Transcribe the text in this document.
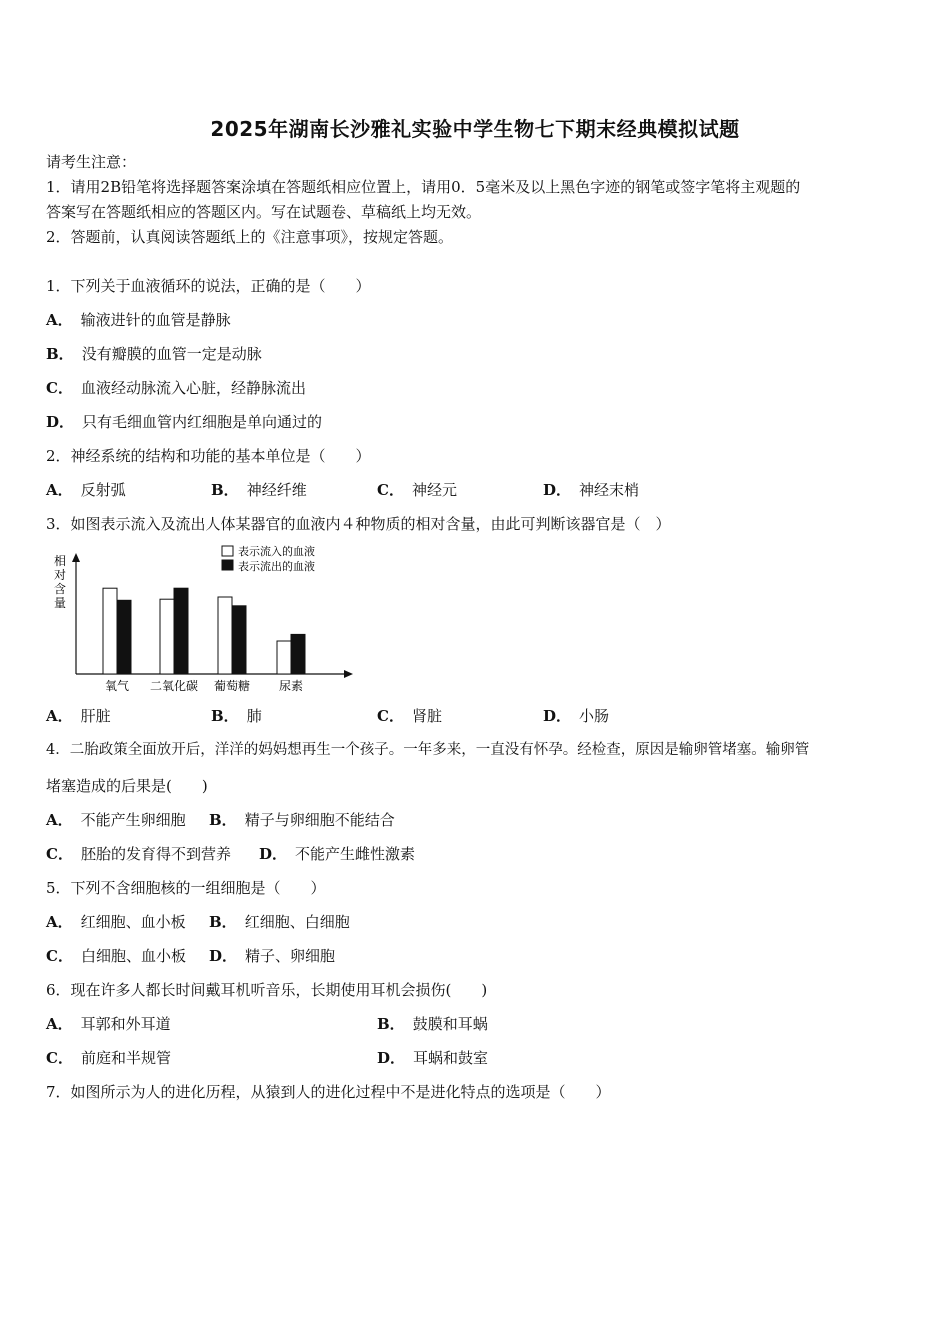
2025年湖南长沙雅礼实验中学生物七下期末经典模拟试题
请考生注意：
1．请用2B铅笔将选择题答案涂填在答题纸相应位置上，请用0．5毫米及以上黑色字迹的钢笔或签字笔将主观题的
答案写在答题纸相应的答题区内。写在试题卷、草稿纸上均无效。
2．答题前，认真阅读答题纸上的《注意事项》，按规定答题。
1．下列关于血液循环的说法，正确的是（　　）
A． 输液进针的血管是静脉
B． 没有瓣膜的血管一定是动脉
C． 血液经动脉流入心脏，经静脉流出
D． 只有毛细血管内红细胞是单向通过的
2．神经系统的结构和功能的基本单位是（　　）
A． 反射弧	B． 神经纤维	C． 神经元	D． 神经末梢
3．如图表示流入及流出人体某器官的血液内４种物质的相对含量，由此可判断该器官是（　）
相
对
含
量
表示流入的血液
表示流出的血液
氧气 二氧化碳 葡萄糖 尿素
A． 肝脏	B． 肺	C． 肾脏	D． 小肠
4．二胎政策全面放开后，洋洋的妈妈想再生一个孩子。一年多来，一直没有怀孕。经检查，原因是输卵管堵塞。输卵管
堵塞造成的后果是(　　)
A． 不能产生卵细胞 B． 精子与卵细胞不能结合
C． 胚胎的发育得不到营养 D． 不能产生雌性激素
5．下列不含细胞核的一组细胞是（　　）
A． 红细胞、血小板 B． 红细胞、白细胞
C． 白细胞、血小板 D． 精子、卵细胞
6．现在许多人都长时间戴耳机听音乐，长期使用耳机会损伤(　　)
A． 耳郭和外耳道	B． 鼓膜和耳蜗
C． 前庭和半规管	D． 耳蜗和鼓室
7．如图所示为人的进化历程，从猿到人的进化过程中不是进化特点的选项是（　　）
